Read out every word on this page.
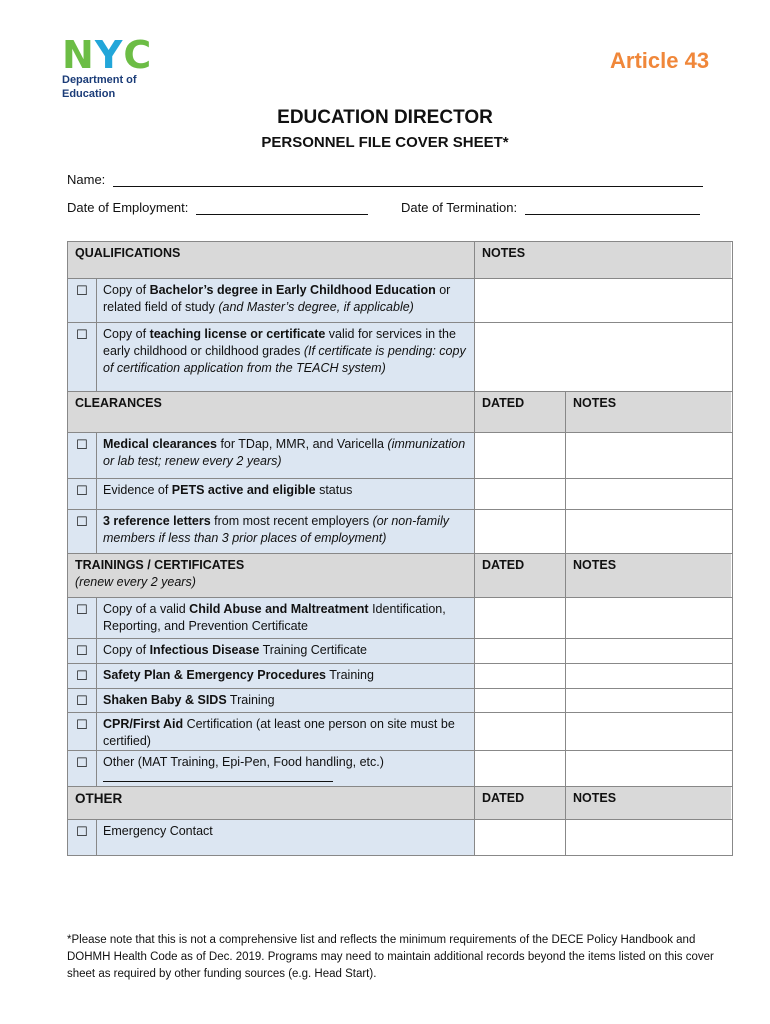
N Y C
Department of
Education
Article 43
EDUCATION DIRECTOR
PERSONNEL FILE COVER SHEET*
Name:
Date of Employment:	Date of Termination:
QUALIFICATIONS	NOTES
☐	Copy of Bachelor’s degree in Early Childhood Education or related field of study (and Master’s degree, if applicable)
☐	Copy of teaching license or certificate valid for services in the early childhood or childhood grades (If certificate is pending: copy of certification application from the TEACH system)
CLEARANCES	DATED	NOTES
☐	Medical clearances for TDap, MMR, and Varicella (immunization or lab test; renew every 2 years)
☐	Evidence of PETS active and eligible status
☐	3 reference letters from most recent employers (or non-family members if less than 3 prior places of employment)
TRAININGS / CERTIFICATES
(renew every 2 years)
DATED	NOTES
☐	Copy of a valid Child Abuse and Maltreatment Identification, Reporting, and Prevention Certificate
☐	Copy of Infectious Disease Training Certificate
☐	Safety Plan & Emergency Procedures Training
☐	Shaken Baby & SIDS Training
☐	CPR/First Aid Certification (at least one person on site must be certified)
☐	Other (MAT Training, Epi-Pen, Food handling, etc.)
OTHER	DATED	NOTES
☐	Emergency Contact
*Please note that this is not a comprehensive list and reflects the minimum requirements of the DECE Policy Handbook and DOHMH Health Code as of Dec. 2019. Programs may need to maintain additional records beyond the items listed on this cover sheet as required by other funding sources (e.g. Head Start).
